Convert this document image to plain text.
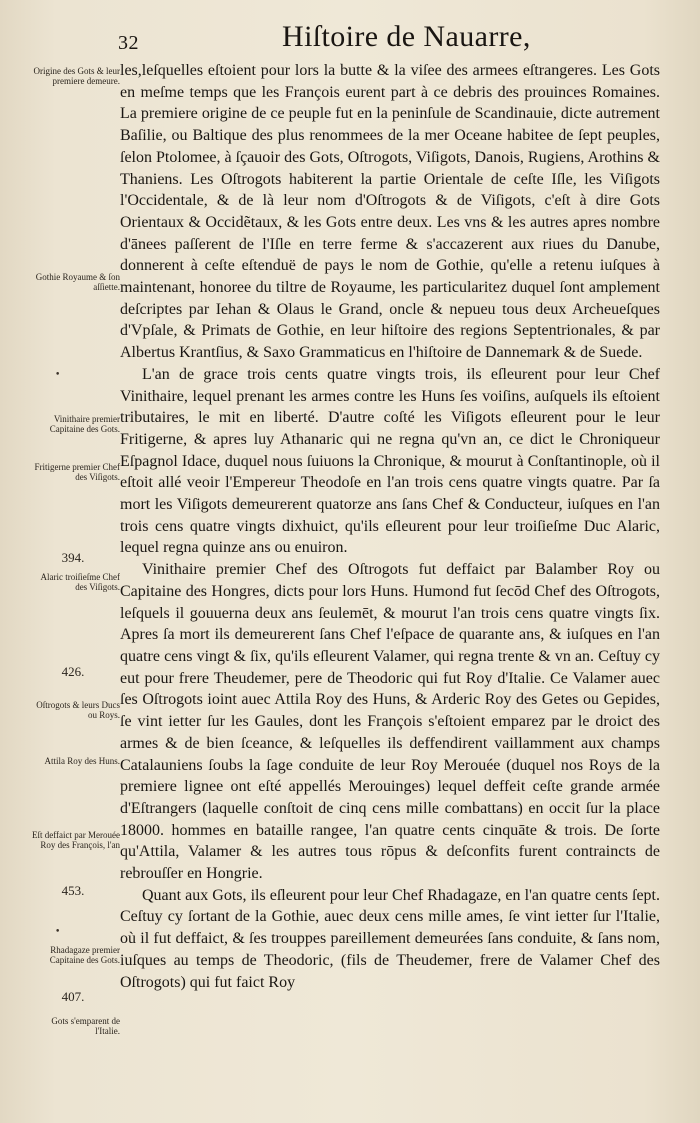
32	Hiſtoire de Nauarre,

les,leſquelles eſtoient pour lors la butte & la viſee des armees eſtrangeres. Les Gots en meſme temps que les François eurent part à ce debris des prouinces Romaines. La premiere origine de ce peuple fut en la peninſule de Scandinauie, dicte autrement Baſilie, ou Baltique des plus renommees de la mer Oceane habitee de ſept peuples, ſelon Ptolomee, à ſçauoir des Gots, Oſtrogots, Viſigots, Danois, Rugiens, Arothins & Thaniens. Les Oſtrogots habiterent la partie Orientale de ceſte Iſle, les Viſigots l'Occidentale, & de là leur nom d'Oſtrogots & de Viſigots, c'eſt à dire Gots Orientaux & Occidẽtaux, & les Gots entre deux. Les vns & les autres apres nombre d'ānees paſſerent de l'Iſle en terre ferme & s'accazerent aux riues du Danube, donnerent à ceſte eſtenduë de pays le nom de Gothie, qu'elle a retenu iuſques à maintenant, honoree du tiltre de Royaume, les particularitez duquel ſont amplement deſcriptes par Iehan & Olaus le Grand, oncle & nepueu tous deux Archeueſques d'Vpſale, & Primats de Gothie, en leur hiſtoire des regions Septentrionales, & par Albertus Krantſius, & Saxo Grammaticus en l'hiſtoire de Dannemark & de Suede.

L'an de grace trois cents quatre vingts trois, ils eſleurent pour leur Chef Vinithaire, lequel prenant les armes contre les Huns ſes voiſins, auſquels ils eſtoient tributaires, le mit en liberté. D'autre coſté les Viſigots eſleurent pour le leur Fritigerne, & apres luy Athanaric qui ne regna qu'vn an, ce dict le Chroniqueur Eſpagnol Idace, duquel nous ſuiuons la Chronique, & mourut à Conſtantinople, où il eſtoit allé veoir l'Empereur Theodoſe en l'an trois cens quatre vingts quatre. Par ſa mort les Viſigots demeurerent quatorze ans ſans Chef & Conducteur, iuſques en l'an trois cens quatre vingts dixhuict, qu'ils eſleurent pour leur troiſieſme Duc Alaric, lequel regna quinze ans ou enuiron.

Vinithaire premier Chef des Oſtrogots fut deffaict par Balamber Roy ou Capitaine des Hongres, dicts pour lors Huns. Humond fut ſecōd Chef des Oſtrogots, leſquels il gouuerna deux ans ſeulemēt, & mourut l'an trois cens quatre vingts ſix. Apres ſa mort ils demeurerent ſans Chef l'eſpace de quarante ans, & iuſques en l'an quatre cens vingt & ſix, qu'ils eſleurent Valamer, qui regna trente & vn an. Ceſtuy cy eut pour frere Theudemer, pere de Theodoric qui fut Roy d'Italie. Ce Valamer auec ſes Oſtrogots ioint auec Attila Roy des Huns, & Arderic Roy des Getes ou Gepides, ſe vint ietter ſur les Gaules, dont les François s'eſtoient emparez par le droict des armes & de bien ſceance, & leſquelles ils deffendirent vaillamment aux champs Catalauniens ſoubs la ſage conduite de leur Roy Merouée (duquel nos Roys de la premiere lignee ont eſté appellés Merouinges) lequel deffeit ceſte grande armée d'Eſtrangers (laquelle conſtoit de cinq cens mille combattans) en occit ſur la place 18000. hommes en bataille rangee, l'an quatre cents cinquāte & trois. De ſorte qu'Attila, Valamer & les autres tous rōpus & deſconfits furent contraincts de rebrouſſer en Hongrie.

Quant aux Gots, ils eſleurent pour leur Chef Rhadagaze, en l'an quatre cents ſept. Ceſtuy cy ſortant de la Gothie, auec deux cens mille ames, ſe vint ietter ſur l'Italie, où il fut deffaict, & ſes trouppes pareillement demeurées ſans conduite, & ſans nom, iuſques au temps de Theodoric, (fils de Theudemer, frere de Valamer Chef des Oſtrogots) qui fut faict Roy

Origine des Gots & leur premiere demeure.
Gothie Royaume & ſon aſſiette.
Vinithaire premier Capitaine des Gots.
Fritigerne premier Chef des Viſigots.
394.
Alaric troiſieſme Chef des Viſigots.
426.
Oſtrogots & leurs Ducs ou Roys.
Attila Roy des Huns.
Eſt deffaict par Merouée Roy des François, l'an
453.
Rhadagaze premier Capitaine des Gots.
407.
Gots s'emparent de l'Italie.
•
•
